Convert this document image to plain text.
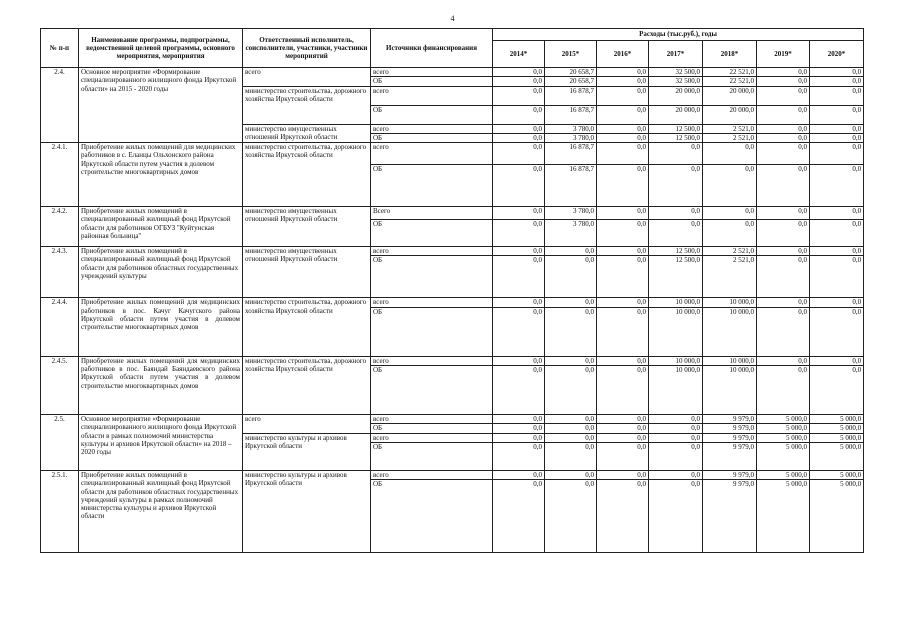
4
№ п-п	Наименование программы, подпрограммы, ведомственной целевой программы, основного мероприятия, мероприятия	Ответственный исполнитель, соисполнители, участники, участники мероприятий	Источники финансирования	Расходы (тыс.руб.), годы						
				2014*	2015*	2016*	2017*	2018*	2019*	2020*
2.4.	Основное мероприятие «Формирование специализированного жилищного фонда Иркутской области» на 2015 - 2020 годы	всего	всего	0,0	20 658,7	0,0	32 500,0	22 521,0	0,0	0,0
			ОБ	0,0	20 658,7	0,0	32 500,0	22 521,0	0,0	0,0
		министерство строительства, дорожного хозяйства Иркутской области	всего	0,0	16 878,7	0,0	20 000,0	20 000,0	0,0	0,0
			ОБ	0,0	16 878,7	0,0	20 000,0	20 000,0	0,0	0,0
		министерство имущественных отношений Иркутской области	всего	0,0	3 780,0	0,0	12 500,0	2 521,0	0,0	0,0
			ОБ	0,0	3 780,0	0,0	12 500,0	2 521,0	0,0	0,0
2.4.1.	Приобретение жилых помещений для медицинских работников в с. Еланцы Ольхонского района Иркутской области путем участия в долевом строительстве многоквартирных домов	министерство строительства, дорожного хозяйства Иркутской области	всего	0,0	16 878,7	0,0	0,0	0,0	0,0	0,0
			ОБ	0,0	16 878,7	0,0	0,0	0,0	0,0	0,0
2.4.2.	Приобретение жилых помещений в специализированный жилищный фонд Иркутской области для работников ОГБУЗ "Куйтунская районная больница"	министерство имущественных отношений Иркутской области	Всего	0,0	3 780,0	0,0	0,0	0,0	0,0	0,0
			ОБ	0,0	3 780,0	0,0	0,0	0,0	0,0	0,0
2.4.3.	Приобретение жилых помещений в специализированный жилищный фонд Иркутской области для работников областных государственных учреждений культуры	министерство имущественных отношений Иркутской области	всего	0,0	0,0	0,0	12 500,0	2 521,0	0,0	0,0
			ОБ	0,0	0,0	0,0	12 500,0	2 521,0	0,0	0,0
2.4.4.	Приобретение жилых помещений для медицинских работников в пос. Качуг Качугского района Иркутской области путем участия в долевом строительстве многоквартирных домов	министерство строительства, дорожного хозяйства Иркутской области	всего	0,0	0,0	0,0	10 000,0	10 000,0	0,0	0,0
			ОБ	0,0	0,0	0,0	10 000,0	10 000,0	0,0	0,0
2.4.5.	Приобретение жилых помещений для медицинских работников в пос. Баяндай Баяндаевского района Иркутской области путем участия в долевом строительстве многоквартирных домов	министерство строительства, дорожного хозяйства Иркутской области	всего	0,0	0,0	0,0	10 000,0	10 000,0	0,0	0,0
			ОБ	0,0	0,0	0,0	10 000,0	10 000,0	0,0	0,0
2.5.	Основное мероприятие «Формирование специализированного жилищного фонда Иркутской области в рамках полномочий министерства культуры и архивов Иркутской области» на 2018 – 2020 годы	всего	всего	0,0	0,0	0,0	0,0	9 979,0	5 000,0	5 000,0
			ОБ	0,0	0,0	0,0	0,0	9 979,0	5 000,0	5 000,0
		министерство культуры и архивов Иркутской области	всего	0,0	0,0	0,0	0,0	9 979,0	5 000,0	5 000,0
			ОБ	0,0	0,0	0,0	0,0	9 979,0	5 000,0	5 000,0
2.5.1.	Приобретение жилых помещений в специализированный жилищный фонд Иркутской области для работников областных государственных учреждений культуры в рамках полномочий министерства культуры и архивов Иркутской области	министерство культуры и архивов Иркутской области	всего	0,0	0,0	0,0	0,0	9 979,0	5 000,0	5 000,0
			ОБ	0,0	0,0	0,0	0,0	9 979,0	5 000,0	5 000,0
